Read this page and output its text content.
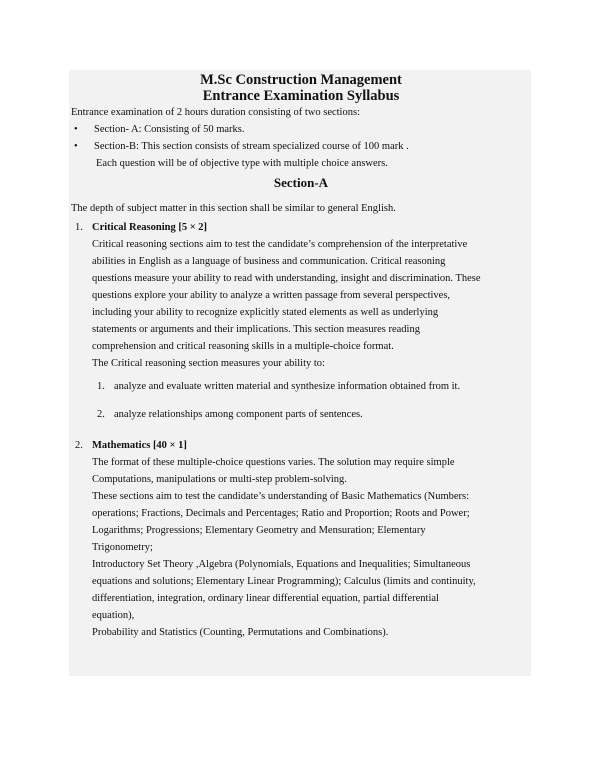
M.Sc Construction Management
Entrance Examination Syllabus
Entrance examination of 2 hours duration consisting of two sections:
• Section- A: Consisting of 50 marks.
• Section-B: This section consists of stream specialized course of 100 mark .
Each question will be of objective type with multiple choice answers.
Section-A
The depth of subject matter in this section shall be similar to general English.
1. Critical Reasoning [5 × 2]
Critical reasoning sections aim to test the candidate’s comprehension of the interpretative
abilities in English as a language of business and communication. Critical reasoning
questions measure your ability to read with understanding, insight and discrimination. These
questions explore your ability to analyze a written passage from several perspectives,
including your ability to recognize explicitly stated elements as well as underlying
statements or arguments and their implications. This section measures reading
comprehension and critical reasoning skills in a multiple-choice format.
The Critical reasoning section measures your ability to:
1. analyze and evaluate written material and synthesize information obtained from it.
2. analyze relationships among component parts of sentences.
2. Mathematics [40 × 1]
The format of these multiple-choice questions varies. The solution may require simple
Computations, manipulations or multi-step problem-solving.
These sections aim to test the candidate’s understanding of Basic Mathematics (Numbers:
operations; Fractions, Decimals and Percentages; Ratio and Proportion; Roots and Power;
Logarithms; Progressions; Elementary Geometry and Mensuration; Elementary
Trigonometry;
Introductory Set Theory ,Algebra (Polynomials, Equations and Inequalities; Simultaneous
equations and solutions; Elementary Linear Programming); Calculus (limits and continuity,
differentiation, integration, ordinary linear differential equation, partial differential
equation),
Probability and Statistics (Counting, Permutations and Combinations).
